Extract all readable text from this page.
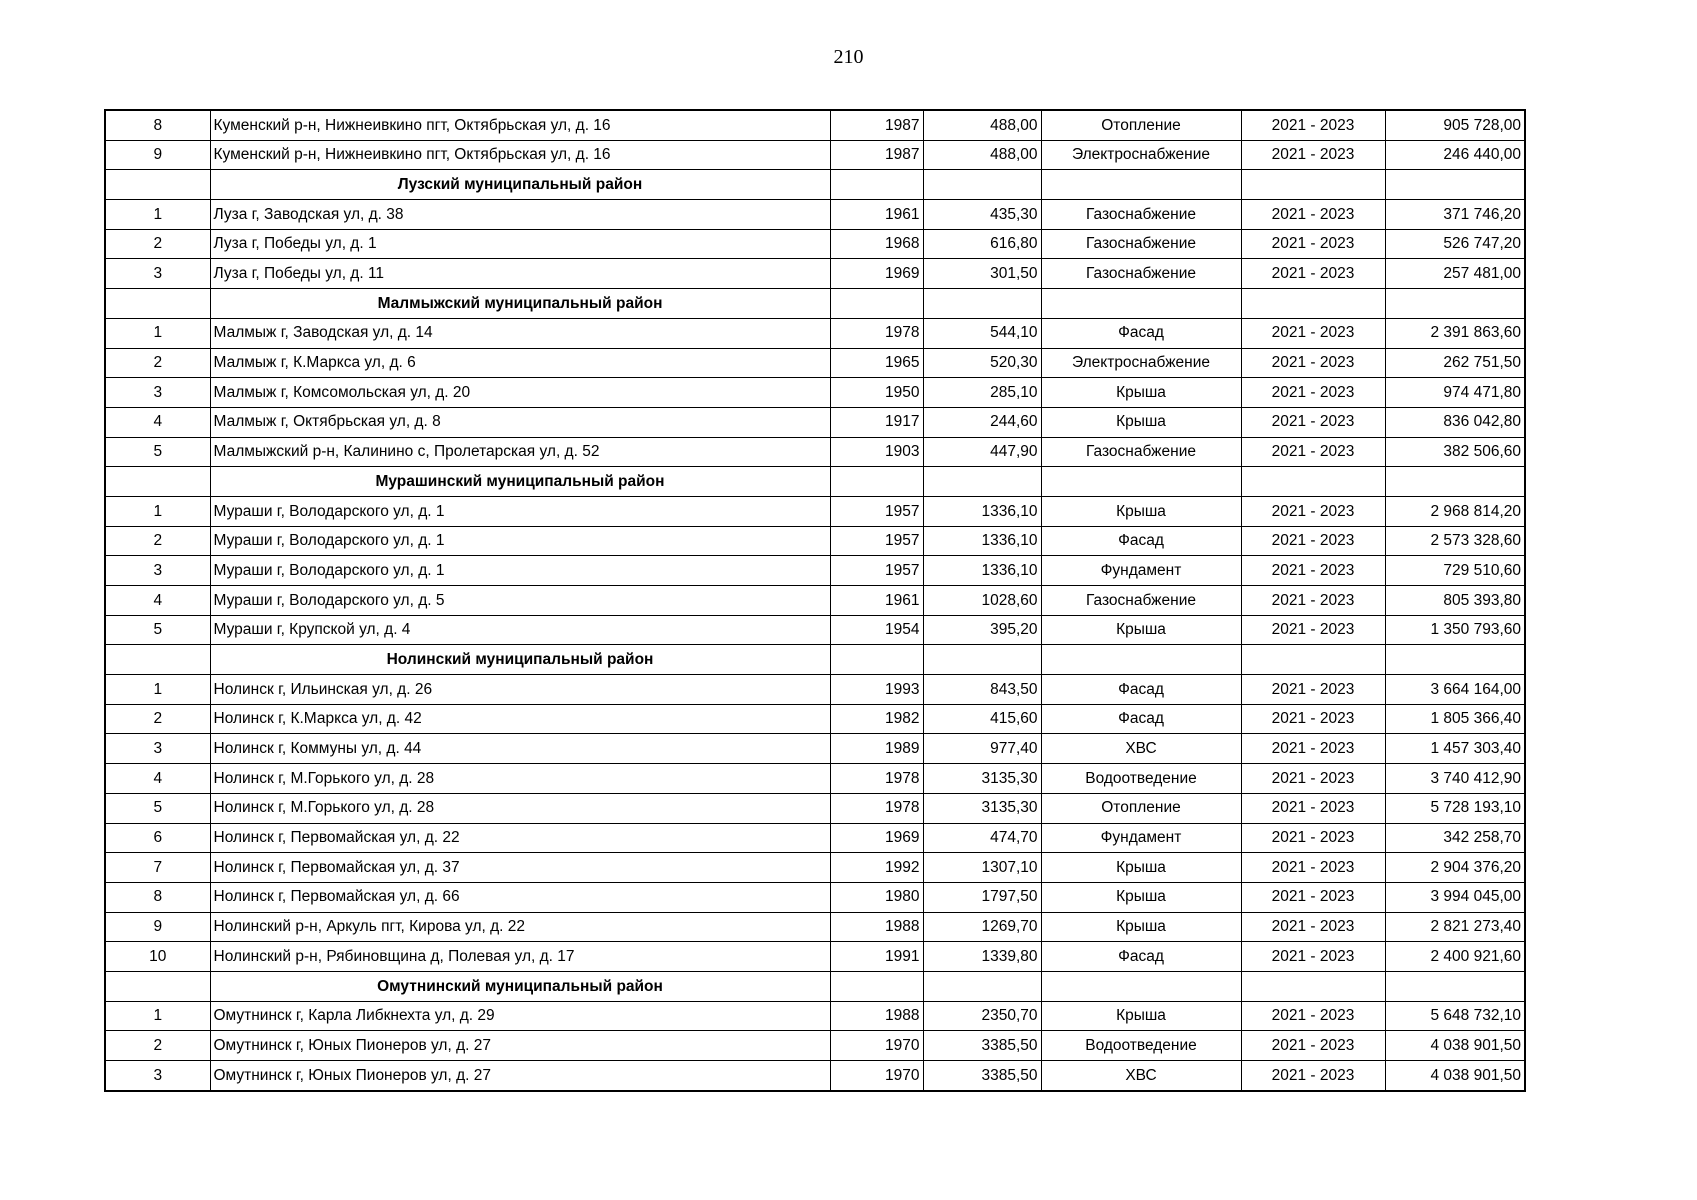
210
8	Куменский р-н, Нижнеивкино пгт, Октябрьская ул, д. 16	1987	488,00	Отопление	2021 - 2023	905 728,00
9	Куменский р-н, Нижнеивкино пгт, Октябрьская ул, д. 16	1987	488,00	Электроснабжение	2021 - 2023	246 440,00
	Лузский муниципальный район					
1	Луза г, Заводская ул, д. 38	1961	435,30	Газоснабжение	2021 - 2023	371 746,20
2	Луза г, Победы ул, д. 1	1968	616,80	Газоснабжение	2021 - 2023	526 747,20
3	Луза г, Победы ул, д. 11	1969	301,50	Газоснабжение	2021 - 2023	257 481,00
	Малмыжский муниципальный район					
1	Малмыж г, Заводская ул, д. 14	1978	544,10	Фасад	2021 - 2023	2 391 863,60
2	Малмыж г, К.Маркса ул, д. 6	1965	520,30	Электроснабжение	2021 - 2023	262 751,50
3	Малмыж г, Комсомольская ул, д. 20	1950	285,10	Крыша	2021 - 2023	974 471,80
4	Малмыж г, Октябрьская ул, д. 8	1917	244,60	Крыша	2021 - 2023	836 042,80
5	Малмыжский р-н, Калинино с, Пролетарская ул, д. 52	1903	447,90	Газоснабжение	2021 - 2023	382 506,60
	Мурашинский муниципальный район					
1	Мураши г, Володарского ул, д. 1	1957	1336,10	Крыша	2021 - 2023	2 968 814,20
2	Мураши г, Володарского ул, д. 1	1957	1336,10	Фасад	2021 - 2023	2 573 328,60
3	Мураши г, Володарского ул, д. 1	1957	1336,10	Фундамент	2021 - 2023	729 510,60
4	Мураши г, Володарского ул, д. 5	1961	1028,60	Газоснабжение	2021 - 2023	805 393,80
5	Мураши г, Крупской ул, д. 4	1954	395,20	Крыша	2021 - 2023	1 350 793,60
	Нолинский муниципальный район					
1	Нолинск г, Ильинская ул, д. 26	1993	843,50	Фасад	2021 - 2023	3 664 164,00
2	Нолинск г, К.Маркса ул, д. 42	1982	415,60	Фасад	2021 - 2023	1 805 366,40
3	Нолинск г, Коммуны ул, д. 44	1989	977,40	ХВС	2021 - 2023	1 457 303,40
4	Нолинск г, М.Горького ул, д. 28	1978	3135,30	Водоотведение	2021 - 2023	3 740 412,90
5	Нолинск г, М.Горького ул, д. 28	1978	3135,30	Отопление	2021 - 2023	5 728 193,10
6	Нолинск г, Первомайская ул, д. 22	1969	474,70	Фундамент	2021 - 2023	342 258,70
7	Нолинск г, Первомайская ул, д. 37	1992	1307,10	Крыша	2021 - 2023	2 904 376,20
8	Нолинск г, Первомайская ул, д. 66	1980	1797,50	Крыша	2021 - 2023	3 994 045,00
9	Нолинский р-н, Аркуль пгт, Кирова ул, д. 22	1988	1269,70	Крыша	2021 - 2023	2 821 273,40
10	Нолинский р-н, Рябиновщина д, Полевая ул, д. 17	1991	1339,80	Фасад	2021 - 2023	2 400 921,60
	Омутнинский муниципальный район					
1	Омутнинск г, Карла Либкнехта ул, д. 29	1988	2350,70	Крыша	2021 - 2023	5 648 732,10
2	Омутнинск г, Юных Пионеров ул, д. 27	1970	3385,50	Водоотведение	2021 - 2023	4 038 901,50
3	Омутнинск г, Юных Пионеров ул, д. 27	1970	3385,50	ХВС	2021 - 2023	4 038 901,50
